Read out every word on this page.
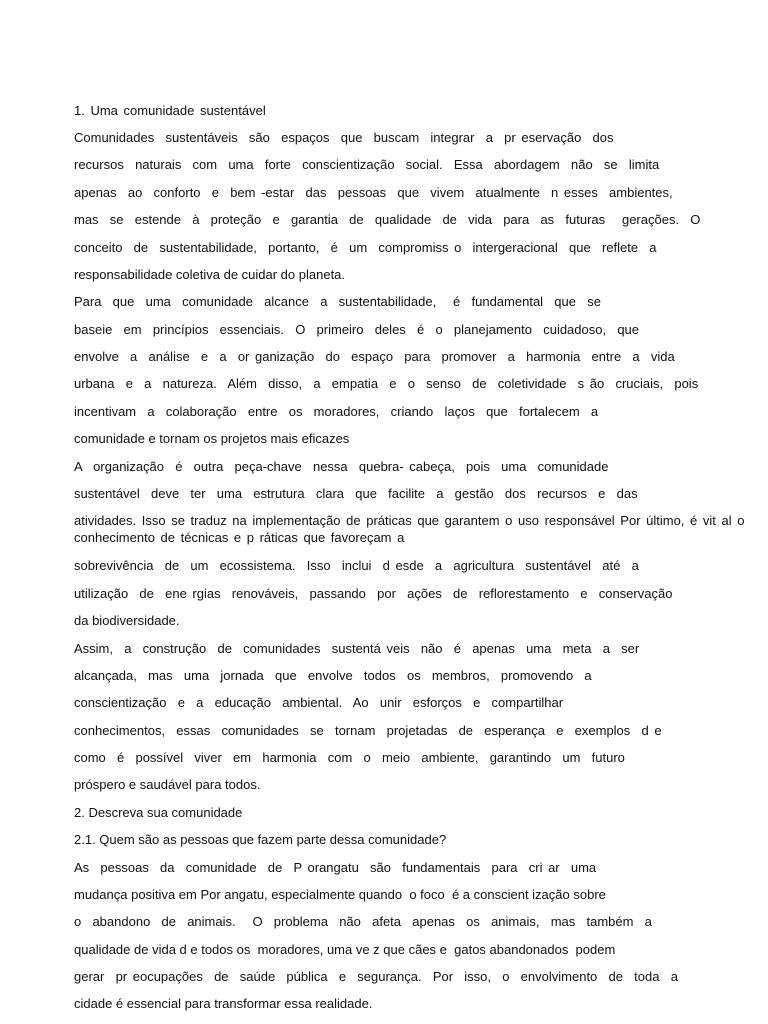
1. Uma comunidade sustentável

Comunidades  sustentáveis  são  espaços  que  buscam  integrar  a  pr eservação  dos

recursos  naturais  com  uma  forte  conscientização  social.  Essa  abordagem  não  se  limita

apenas  ao  conforto  e  bem -estar  das  pessoas  que  vivem  atualmente  n esses  ambientes,

mas  se  estende  à  proteção  e  garantia  de  qualidade  de  vida  para  as  futuras   gerações.  O

conceito  de  sustentabilidade,  portanto,  é  um  compromiss o  intergeracional  que  reflete  a

responsabilidade coletiva de cuidar do planeta.

Para  que  uma  comunidade  alcance  a  sustentabilidade,   é  fundamental  que  se

baseie  em  princípios  essenciais.  O  primeiro  deles  é  o  planejamento  cuidadoso,  que

envolve  a  análise  e  a  or ganização  do  espaço  para  promover  a  harmonia  entre  a  vida

urbana  e  a  natureza.  Além  disso,  a  empatia  e  o  senso  de  coletividade  s ão  cruciais,  pois

incentivam  a  colaboração  entre  os  moradores,  criando  laços  que  fortalecem  a

comunidade e tornam os projetos mais eficazes

A  organização  é  outra  peça-chave  nessa  quebra- cabeça,  pois  uma  comunidade

sustentável  deve  ter  uma  estrutura  clara  que  facilite  a  gestão  dos  recursos  e  das

atividades. Isso se traduz na implementação de práticas que garantem o uso responsável Por último, é vit al o conhecimento de técnicas e p ráticas que favoreçam a

sobrevivência  de  um  ecossistema.  Isso  inclui  d esde  a  agricultura  sustentável  até  a

utilização  de  ene rgias  renováveis,  passando  por  ações  de  reflorestamento  e  conservação

da biodiversidade.

Assim,  a  construção  de  comunidades  sustentá veis  não  é  apenas  uma  meta  a  ser

alcançada,  mas  uma  jornada  que  envolve  todos  os  membros,  promovendo  a

conscientização  e  a  educação  ambiental.  Ao  unir  esforços  e  compartilhar

conhecimentos,  essas  comunidades  se  tornam  projetadas  de  esperança  e  exemplos  d e

como  é  possível  viver  em  harmonia  com  o  meio  ambiente,  garantindo  um  futuro

próspero e saudável para todos.

2. Descreva sua comunidade

2.1. Quem são as pessoas que fazem parte dessa comunidade?

As  pessoas  da  comunidade  de  P orangatu  são  fundamentais  para  cri ar  uma

mudança positiva em Por angatu, especialmente quando  o foco  é a conscient ização sobre

o  abandono  de  animais.   O  problema  não  afeta  apenas  os  animais,  mas  também  a

qualidade de vida d e todos os  moradores, uma ve z que cães e  gatos abandonados  podem

gerar  pr eocupações  de  saúde  pública  e  segurança.  Por  isso,  o  envolvimento  de  toda  a

cidade é essencial para transformar essa realidade.
